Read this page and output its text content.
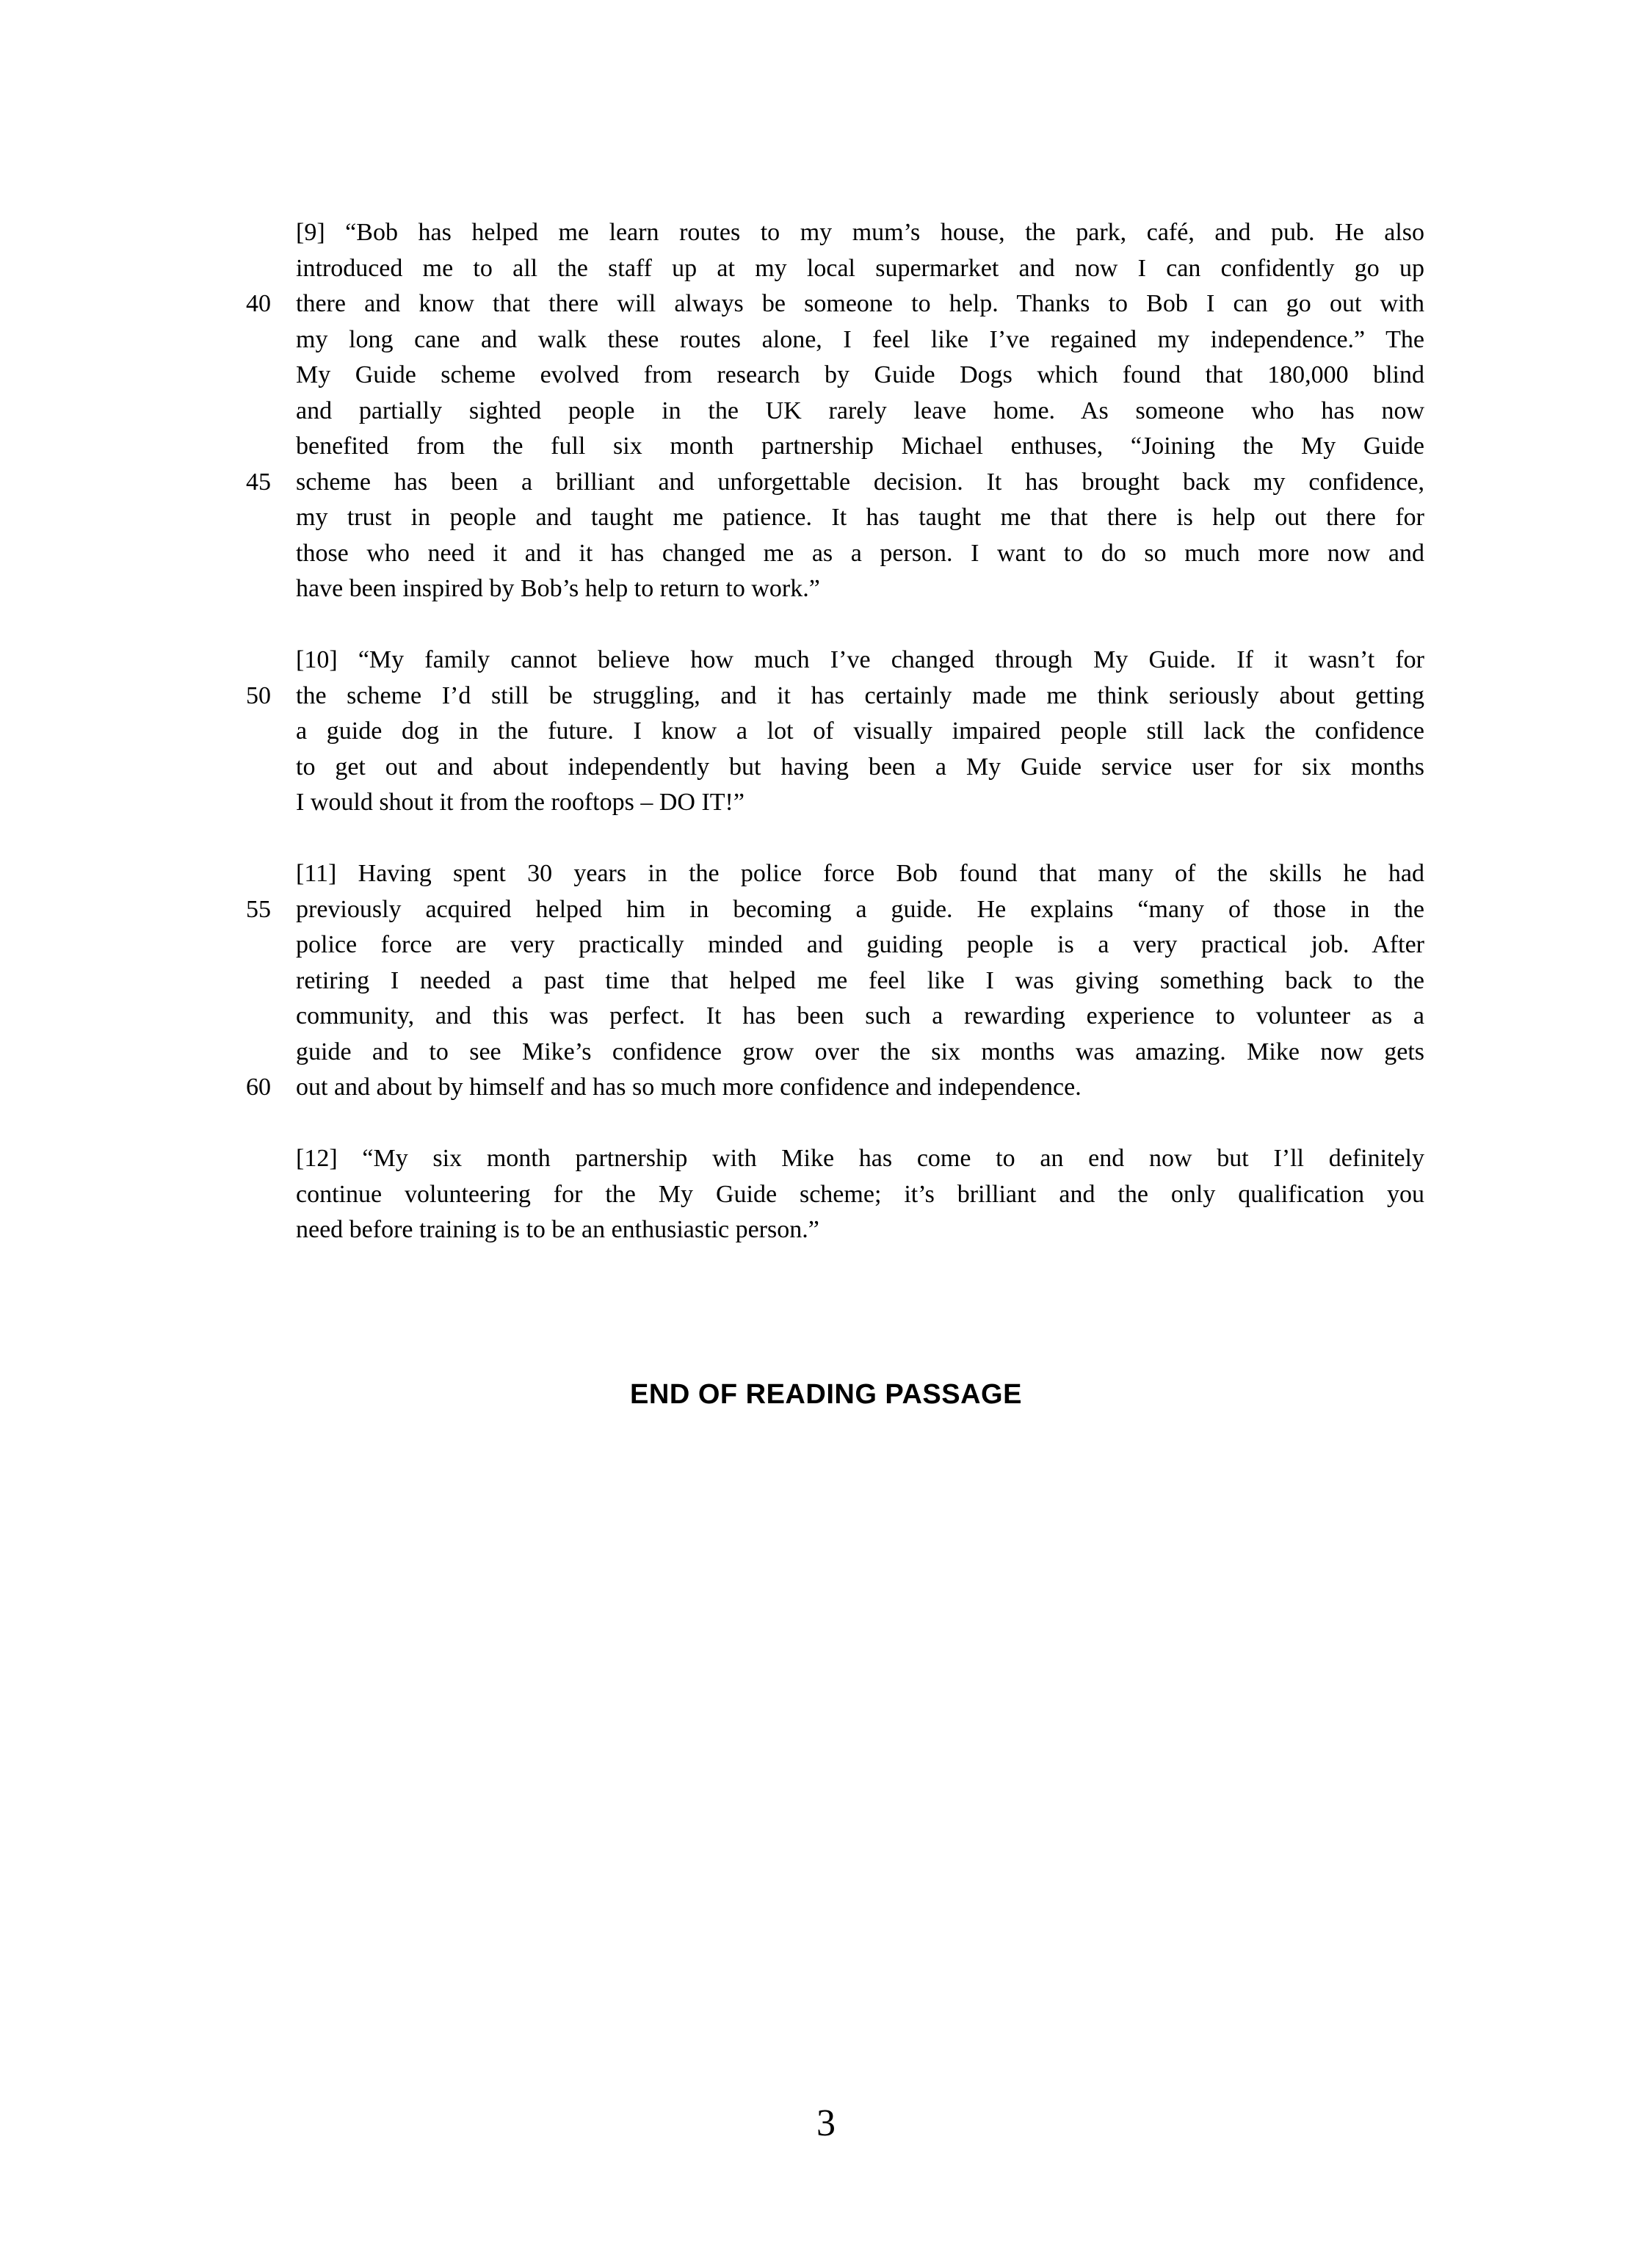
[9] “Bob has helped me learn routes to my mum’s house, the park, café, and pub. He also
introduced me to all the staff up at my local supermarket and now I can confidently go up
40 there and know that there will always be someone to help. Thanks to Bob I can go out with
my long cane and walk these routes alone, I feel like I’ve regained my independence.” The
My Guide scheme evolved from research by Guide Dogs which found that 180,000 blind
and partially sighted people in the UK rarely leave home. As someone who has now
benefited from the full six month partnership Michael enthuses, “Joining the My Guide
45 scheme has been a brilliant and unforgettable decision. It has brought back my confidence,
my trust in people and taught me patience. It has taught me that there is help out there for
those who need it and it has changed me as a person. I want to do so much more now and
have been inspired by Bob’s help to return to work.”
[10] “My family cannot believe how much I’ve changed through My Guide. If it wasn’t for
50 the scheme I’d still be struggling, and it has certainly made me think seriously about getting
a guide dog in the future. I know a lot of visually impaired people still lack the confidence
to get out and about independently but having been a My Guide service user for six months
I would shout it from the rooftops – DO IT!”
[11] Having spent 30 years in the police force Bob found that many of the skills he had
55 previously acquired helped him in becoming a guide. He explains “many of those in the
police force are very practically minded and guiding people is a very practical job. After
retiring I needed a past time that helped me feel like I was giving something back to the
community, and this was perfect. It has been such a rewarding experience to volunteer as a
guide and to see Mike’s confidence grow over the six months was amazing. Mike now gets
60 out and about by himself and has so much more confidence and independence.
[12] “My six month partnership with Mike has come to an end now but I’ll definitely
continue volunteering for the My Guide scheme; it’s brilliant and the only qualification you
need before training is to be an enthusiastic person.”
END OF READING PASSAGE
3
